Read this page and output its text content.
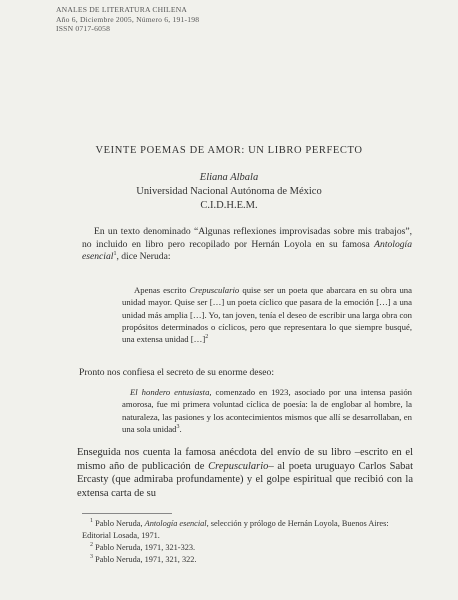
ANALES DE LITERATURA CHILENA
Año 6, Diciembre 2005, Número 6, 191-198
ISSN 0717-6058
VEINTE POEMAS DE AMOR: UN LIBRO PERFECTO
Eliana Albala
Universidad Nacional Autónoma de México
C.I.D.H.E.M.

En un texto denominado “Algunas reflexiones improvisadas sobre mis trabajos”, no incluido en libro pero recopilado por Hernán Loyola en su famosa Antología esencial$^1$, dice Neruda:

Apenas escrito Crepusculario quise ser un poeta que abarcara en su obra una unidad mayor. Quise ser […] un poeta cíclico que pasara de la emoción […] a una unidad más amplia […]. Yo, tan joven, tenía el deseo de escribir una larga obra con propósitos determinados o cíclicos, pero que representara lo que siempre busqué, una extensa unidad […]$^2$

Pronto nos confiesa el secreto de su enorme deseo:

El hondero entusiasta, comenzado en 1923, asociado por una intensa pasión amorosa, fue mi primera voluntad cíclica de poesía: la de englobar al hombre, la naturaleza, las pasiones y los acontecimientos mismos que allí se desarrollaban, en una sola unidad$^3$.

Enseguida nos cuenta la famosa anécdota del envío de su libro –escrito en el mismo año de publicación de Crepusculario– al poeta uruguayo Carlos Sabat Ercasty (que admiraba profundamente) y el golpe espiritual que recibió con la extensa carta de su

$^1$ Pablo Neruda, Antología esencial, selección y prólogo de Hernán Loyola, Buenos Aires: Editorial Losada, 1971.
$^2$ Pablo Neruda, 1971, 321-323.
$^3$ Pablo Neruda, 1971, 321, 322.
